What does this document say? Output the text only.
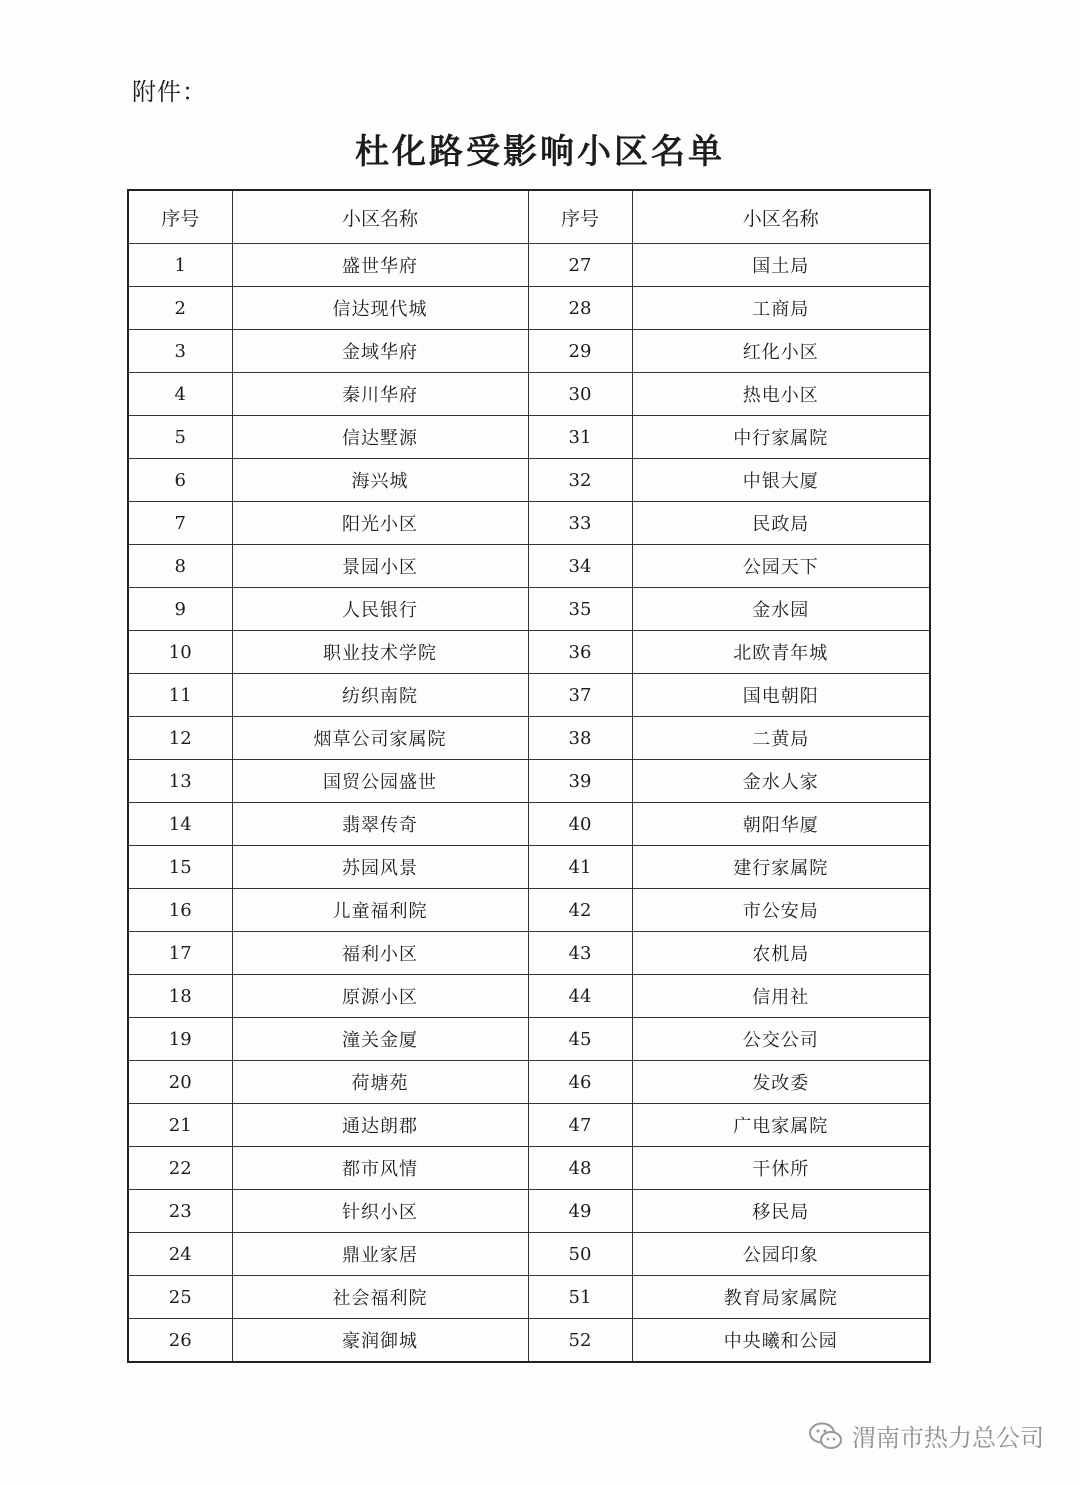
附件：
杜化路受影响小区名单
序号	小区名称	序号	小区名称
1	盛世华府	27	国土局
2	信达现代城	28	工商局
3	金域华府	29	红化小区
4	秦川华府	30	热电小区
5	信达墅源	31	中行家属院
6	海兴城	32	中银大厦
7	阳光小区	33	民政局
8	景园小区	34	公园天下
9	人民银行	35	金水园
10	职业技术学院	36	北欧青年城
11	纺织南院	37	国电朝阳
12	烟草公司家属院	38	二黄局
13	国贸公园盛世	39	金水人家
14	翡翠传奇	40	朝阳华厦
15	苏园风景	41	建行家属院
16	儿童福利院	42	市公安局
17	福利小区	43	农机局
18	原源小区	44	信用社
19	潼关金厦	45	公交公司
20	荷塘苑	46	发改委
21	通达朗郡	47	广电家属院
22	都市风情	48	干休所
23	针织小区	49	移民局
24	鼎业家居	50	公园印象
25	社会福利院	51	教育局家属院
26	豪润御城	52	中央曦和公园
渭南市热力总公司
